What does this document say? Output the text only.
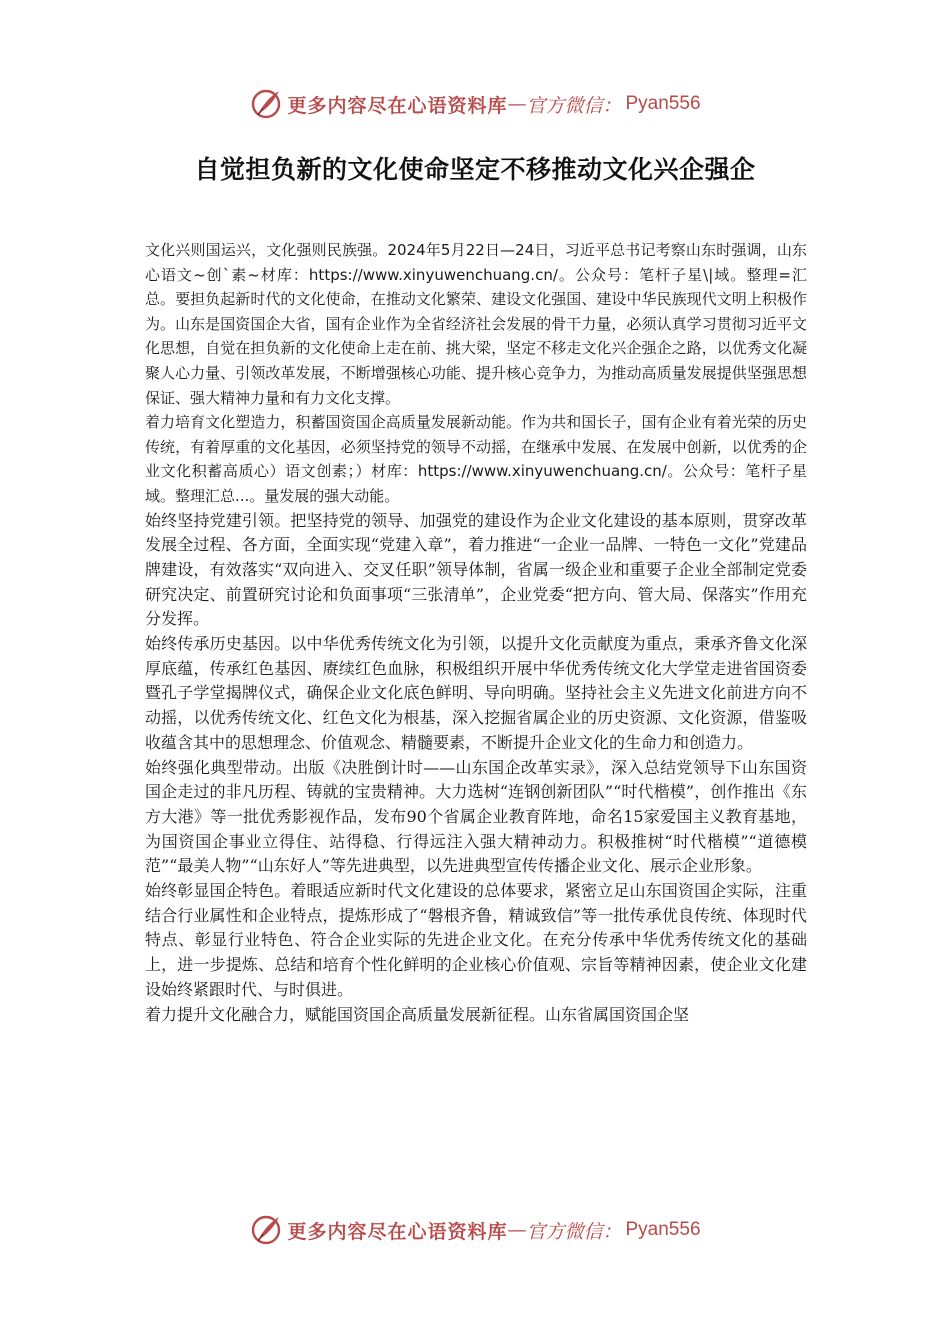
更多内容尽在心语资料库 — 官方微信： Pyan556
自觉担负新的文化使命坚定不移推动文化兴企强企

文化兴则国运兴，文化强则民族强。2024年5月22日—24日，习近平总书记考察山东时强调，山东心语文~创`素~材库：https://www.xinyuwenchuang.cn/。公众号：笔杆子星\|域。整理=汇总。要担负起新时代的文化使命，在推动文化繁荣、建设文化强国、建设中华民族现代文明上积极作为。山东是国资国企大省，国有企业作为全省经济社会发展的骨干力量，必须认真学习贯彻习近平文化思想，自觉在担负新的文化使命上走在前、挑大梁，坚定不移走文化兴企强企之路，以优秀文化凝聚人心力量、引领改革发展，不断增强核心功能、提升核心竞争力，为推动高质量发展提供坚强思想保证、强大精神力量和有力文化支撑。

着力培育文化塑造力，积蓄国资国企高质量发展新动能。作为共和国长子，国有企业有着光荣的历史传统，有着厚重的文化基因，必须坚持党的领导不动摇，在继承中发展、在发展中创新，以优秀的企业文化积蓄高质心）语文创素；）材库：https://www.xinyuwenchuang.cn/。公众号：笔杆子星域。整理汇总...。量发展的强大动能。

始终坚持党建引领。把坚持党的领导、加强党的建设作为企业文化建设的基本原则，贯穿改革发展全过程、各方面，全面实现“党建入章”，着力推进“一企业一品牌、一特色一文化”党建品牌建设，有效落实“双向进入、交叉任职”领导体制，省属一级企业和重要子企业全部制定党委研究决定、前置研究讨论和负面事项“三张清单”，企业党委“把方向、管大局、保落实”作用充分发挥。

始终传承历史基因。以中华优秀传统文化为引领，以提升文化贡献度为重点，秉承齐鲁文化深厚底蕴，传承红色基因、赓续红色血脉，积极组织开展中华优秀传统文化大学堂走进省国资委暨孔子学堂揭牌仪式，确保企业文化底色鲜明、导向明确。坚持社会主义先进文化前进方向不动摇，以优秀传统文化、红色文化为根基，深入挖掘省属企业的历史资源、文化资源，借鉴吸收蕴含其中的思想理念、价值观念、精髓要素，不断提升企业文化的生命力和创造力。

始终强化典型带动。出版《决胜倒计时——山东国企改革实录》，深入总结党领导下山东国资国企走过的非凡历程、铸就的宝贵精神。大力选树“连钢创新团队”“时代楷模”，创作推出《东方大港》等一批优秀影视作品，发布90个省属企业教育阵地，命名15家爱国主义教育基地，为国资国企事业立得住、站得稳、行得远注入强大精神动力。积极推树“时代楷模”“道德模范”“最美人物”“山东好人”等先进典型，以先进典型宣传传播企业文化、展示企业形象。

始终彰显国企特色。着眼适应新时代文化建设的总体要求，紧密立足山东国资国企实际，注重结合行业属性和企业特点，提炼形成了“磐根齐鲁，精诚致信”等一批传承优良传统、体现时代特点、彰显行业特色、符合企业实际的先进企业文化。在充分传承中华优秀传统文化的基础上，进一步提炼、总结和培育个性化鲜明的企业核心价值观、宗旨等精神因素，使企业文化建设始终紧跟时代、与时俱进。

着力提升文化融合力，赋能国资国企高质量发展新征程。山东省属国资国企坚

更多内容尽在心语资料库 — 官方微信： Pyan556
